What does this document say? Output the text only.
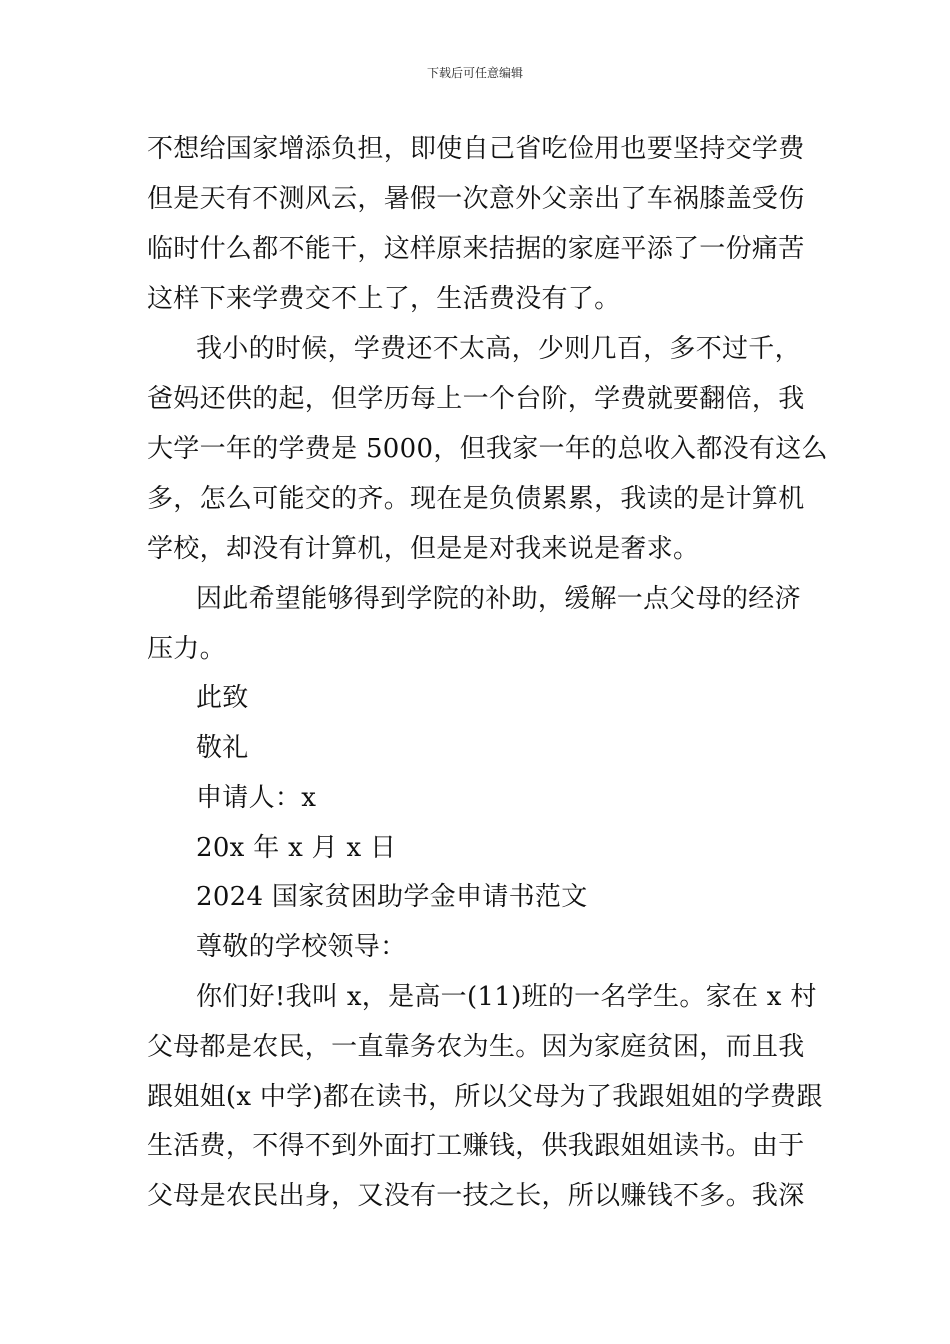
下载后可任意编辑
不想给国家增添负担，即使自己省吃俭用也要坚持交学费
但是天有不测风云，暑假一次意外父亲出了车祸膝盖受伤
临时什么都不能干，这样原来拮据的家庭平添了一份痛苦
这样下来学费交不上了，生活费没有了。
我小的时候，学费还不太高，少则几百，多不过千，
爸妈还供的起，但学历每上一个台阶，学费就要翻倍，我
大学一年的学费是 5000，但我家一年的总收入都没有这么
多，怎么可能交的齐。现在是负债累累，我读的是计算机
学校，却没有计算机，但是是对我来说是奢求。
因此希望能够得到学院的补助，缓解一点父母的经济
压力。
此致
敬礼
申请人：x
20x 年 x 月 x 日
2024 国家贫困助学金申请书范文
尊敬的学校领导：
你们好!我叫 x，是高一(11)班的一名学生。家在 x 村
父母都是农民，一直靠务农为生。因为家庭贫困，而且我
跟姐姐(x 中学)都在读书，所以父母为了我跟姐姐的学费跟
生活费，不得不到外面打工赚钱，供我跟姐姐读书。由于
父母是农民出身，又没有一技之长，所以赚钱不多。我深
